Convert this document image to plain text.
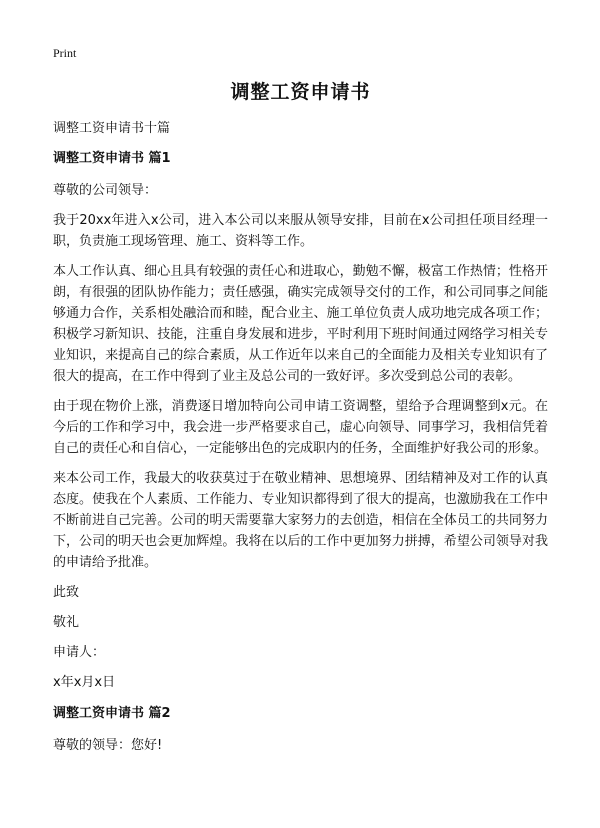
Print
调整工资申请书
调整工资申请书十篇
调整工资申请书 篇1

尊敬的公司领导：

我于20xx年进入x公司，进入本公司以来服从领导安排，目前在x公司担任项目经理一职，负责施工现场管理、施工、资料等工作。

本人工作认真、细心且具有较强的责任心和进取心，勤勉不懈，极富工作热情；性格开朗，有很强的团队协作能力；责任感强，确实完成领导交付的工作，和公司同事之间能够通力合作，关系相处融洽而和睦，配合业主、施工单位负责人成功地完成各项工作；积极学习新知识、技能，注重自身发展和进步，平时利用下班时间通过网络学习相关专业知识，来提高自己的综合素质，从工作近年以来自己的全面能力及相关专业知识有了很大的提高，在工作中得到了业主及总公司的一致好评。多次受到总公司的表彰。

由于现在物价上涨，消费逐日增加特向公司申请工资调整，望给予合理调整到x元。在今后的工作和学习中，我会进一步严格要求自己，虚心向领导、同事学习，我相信凭着自己的责任心和自信心，一定能够出色的完成职内的任务，全面维护好我公司的形象。

来本公司工作，我最大的收获莫过于在敬业精神、思想境界、团结精神及对工作的认真态度。使我在个人素质、工作能力、专业知识都得到了很大的提高，也激励我在工作中不断前进自己完善。公司的明天需要靠大家努力的去创造，相信在全体员工的共同努力下，公司的明天也会更加辉煌。我将在以后的工作中更加努力拼搏，希望公司领导对我的申请给予批准。

此致

敬礼

申请人：

x年x月x日

调整工资申请书 篇2

尊敬的领导：您好!
